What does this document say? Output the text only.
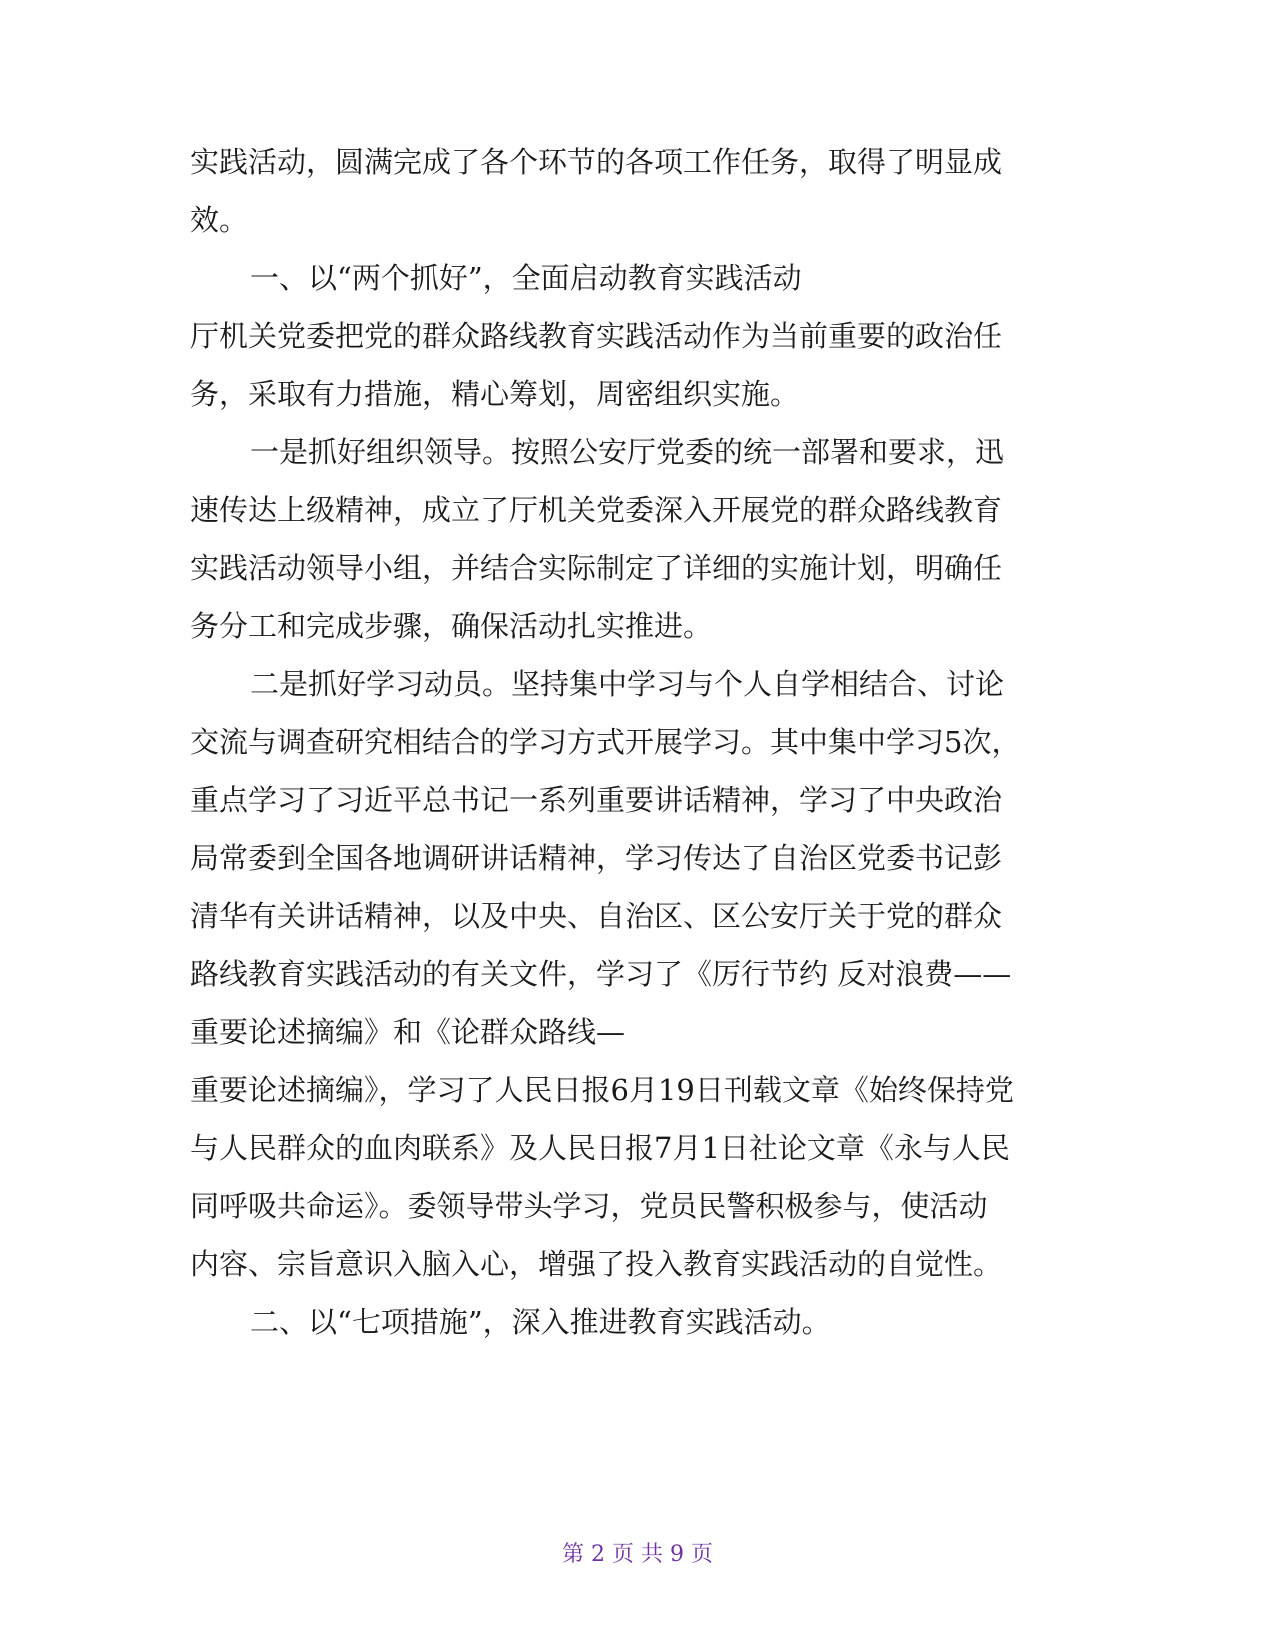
实践活动，圆满完成了各个环节的各项工作任务，取得了明显成
效。
一、以“两个抓好”，全面启动教育实践活动
厅机关党委把党的群众路线教育实践活动作为当前重要的政治任
务，采取有力措施，精心筹划，周密组织实施。
一是抓好组织领导。按照公安厅党委的统一部署和要求，迅
速传达上级精神，成立了厅机关党委深入开展党的群众路线教育
实践活动领导小组，并结合实际制定了详细的实施计划，明确任
务分工和完成步骤，确保活动扎实推进。
二是抓好学习动员。坚持集中学习与个人自学相结合、讨论
交流与调查研究相结合的学习方式开展学习。其中集中学习5次，
重点学习了习近平总书记一系列重要讲话精神，学习了中央政治
局常委到全国各地调研讲话精神，学习传达了自治区党委书记彭
清华有关讲话精神，以及中央、自治区、区公安厅关于党的群众
路线教育实践活动的有关文件，学习了《厉行节约 反对浪费——
重要论述摘编》和《论群众路线—
重要论述摘编》，学习了人民日报6月19日刊载文章《始终保持党
与人民群众的血肉联系》及人民日报7月1日社论文章《永与人民
同呼吸共命运》。委领导带头学习，党员民警积极参与，使活动
内容、宗旨意识入脑入心，增强了投入教育实践活动的自觉性。
二、以“七项措施”，深入推进教育实践活动。
第 2 页 共 9 页
